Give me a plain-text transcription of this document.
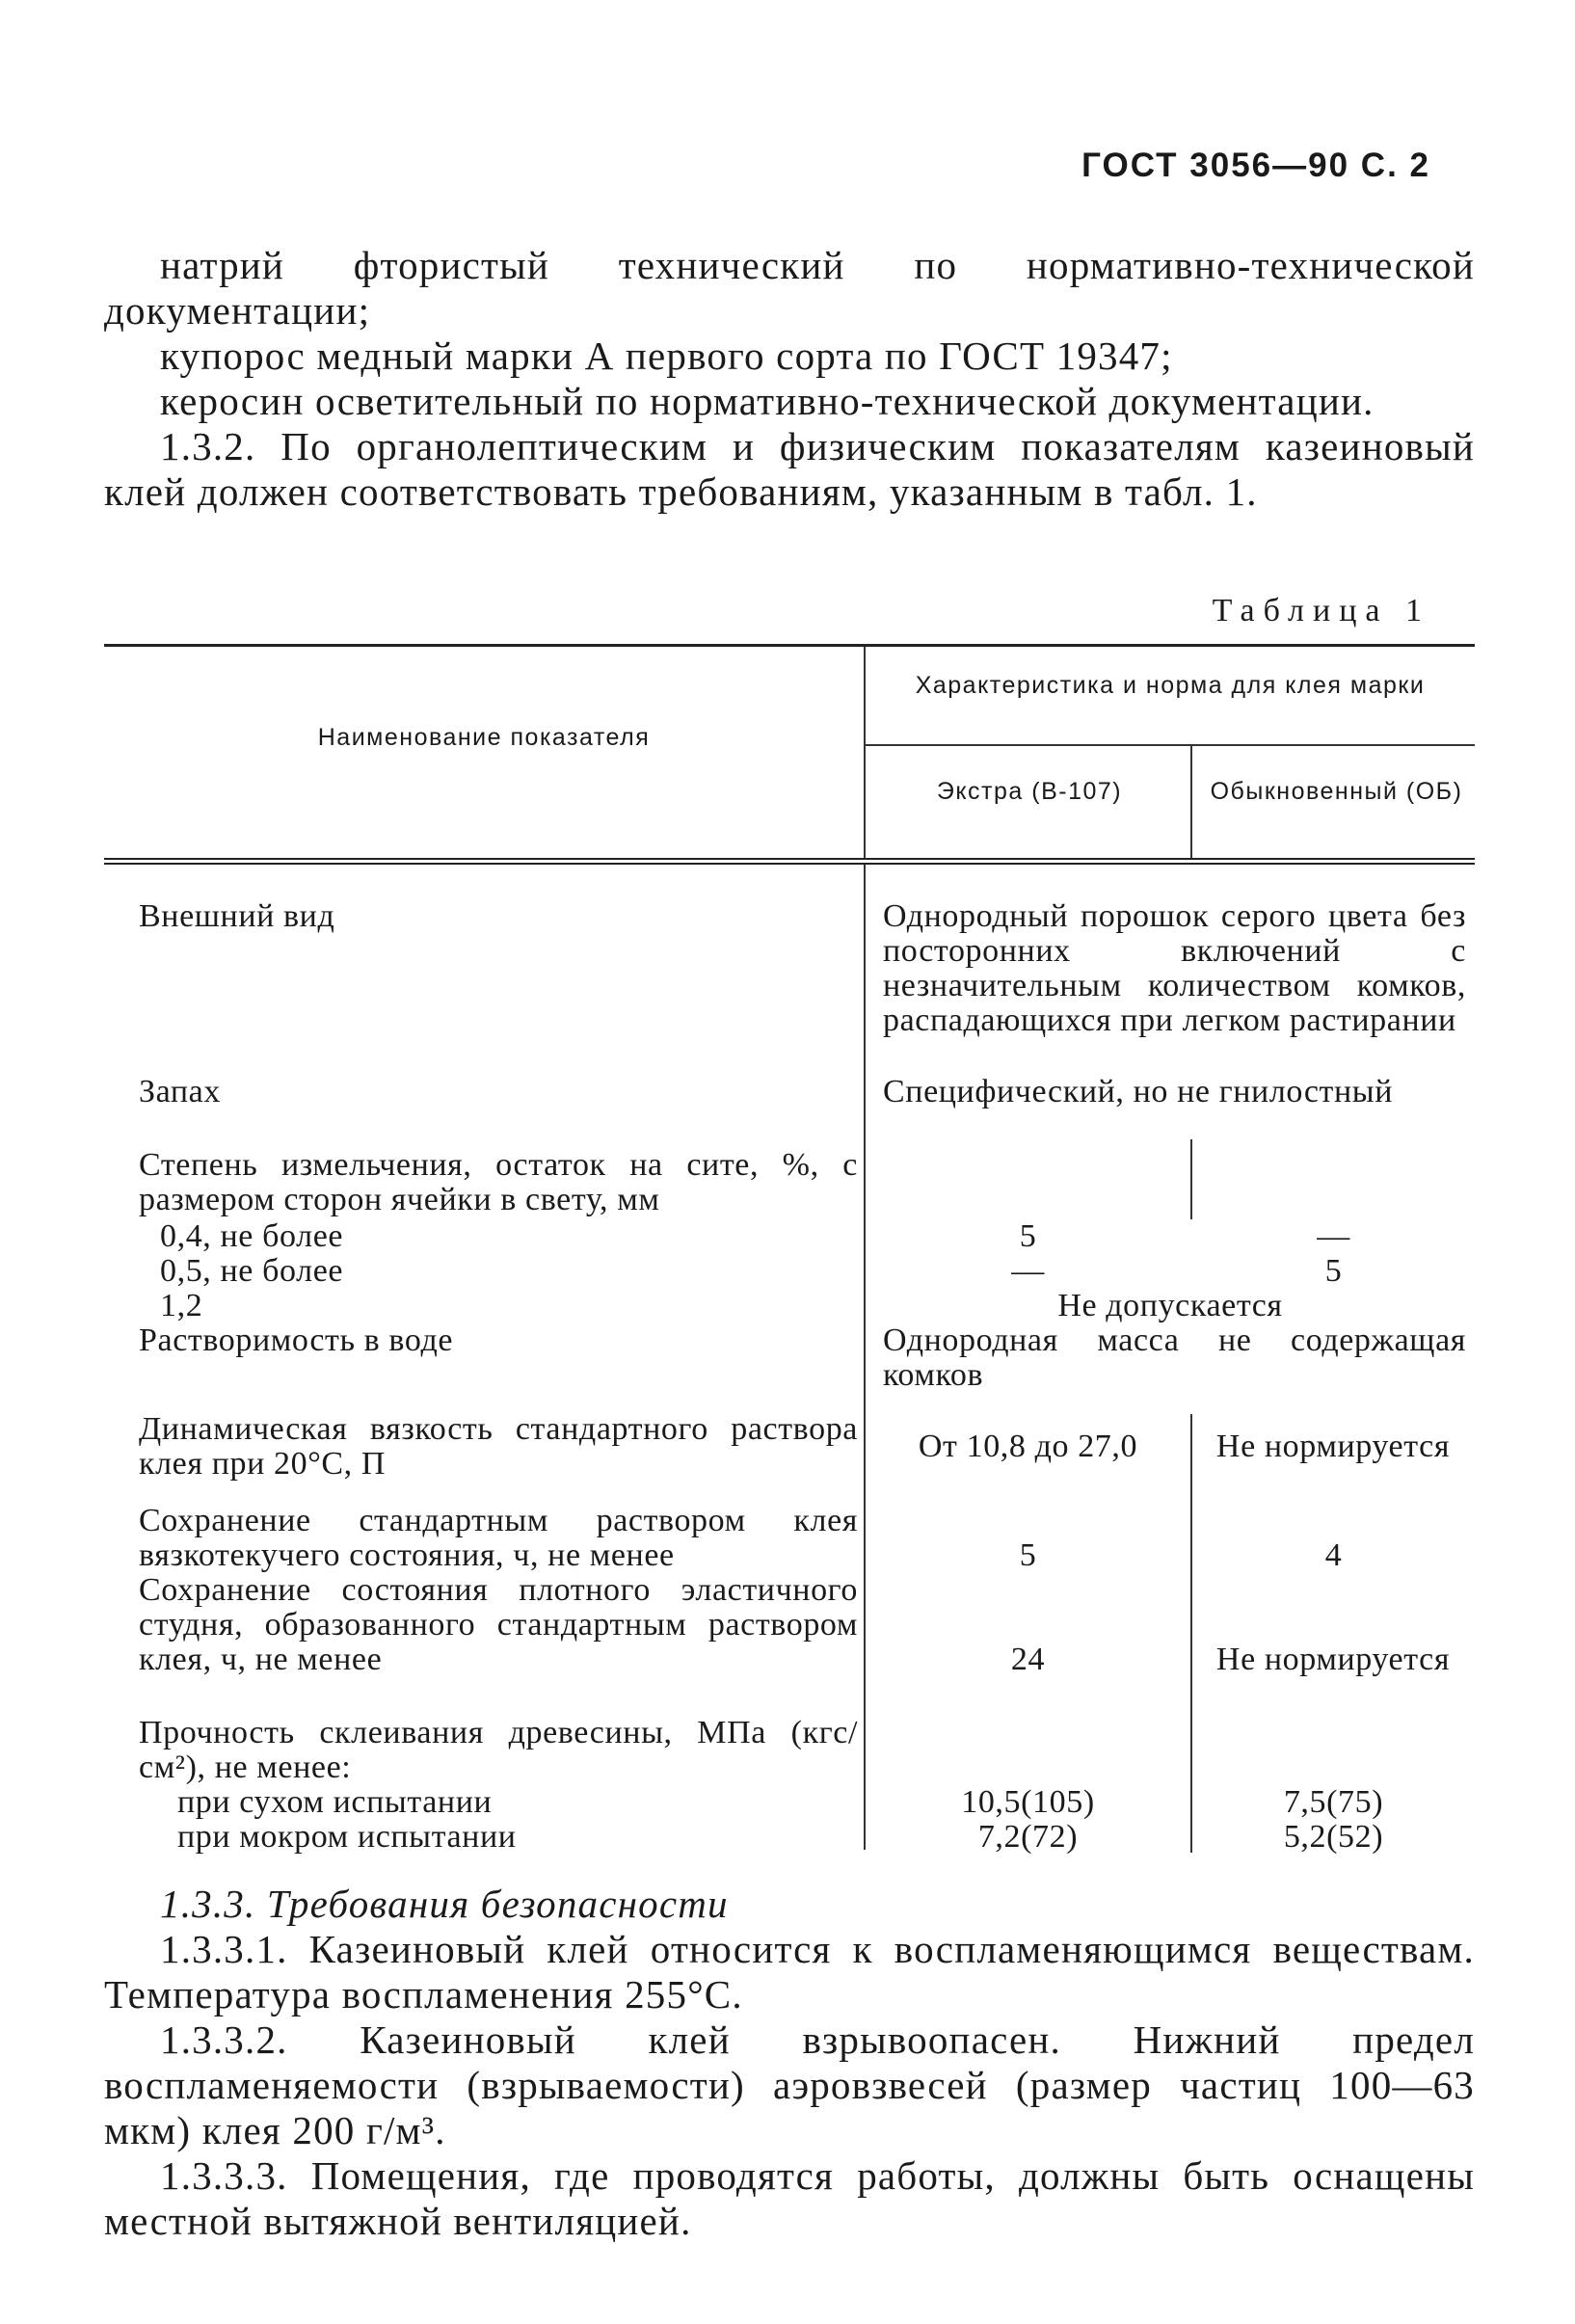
ГОСТ 3056—90 С. 2

натрий фтористый технический по нормативно-технической документации;

купорос медный марки А первого сорта по ГОСТ 19347;

керосин осветительный по нормативно-технической документации.

1.3.2. По органолептическим и физическим показателям казеиновый клей должен соответствовать требованиям, указанным в табл. 1.

Таблица 1
Наименование показателя
Характеристика и норма для клея марки
Экстра (В-107)	Обыкновенный (ОБ)
Внешний вид	Однородный порошок серого цвета без посторонних включений с незначительным количеством комков, распадающихся при легком растирании
Запах	Специфический, но не гнилостный
Степень измельчения, остаток на сите, %, с размером сторон ячейки в свету, мм
0,4, не более	5	—
0,5, не более	—	5
1,2	Не допускается
Растворимость в воде	Однородная масса не содержащая комков
Динамическая вязкость стандартного раствора клея при 20°С, П	От 10,8 до 27,0	Не нормируется
Сохранение стандартным раствором клея вязкотекучего состояния, ч, не менее	5	4
Сохранение состояния плотного эластичного студня, образованного стандартным раствором клея, ч, не менее	24	Не нормируется
Прочность склеивания древесины, МПа (кгс/см²), не менее:
при сухом испытании	10,5(105)	7,5(75)
при мокром испытании	7,2(72)	5,2(52)

1.3.3. Требования безопасности

1.3.3.1. Казеиновый клей относится к воспламеняющимся веществам. Температура воспламенения 255°С.

1.3.3.2. Казеиновый клей взрывоопасен. Нижний предел воспламеняемости (взрываемости) аэровзвесей (размер частиц 100—63 мкм) клея 200 г/м³.

1.3.3.3. Помещения, где проводятся работы, должны быть оснащены местной вытяжной вентиляцией.
